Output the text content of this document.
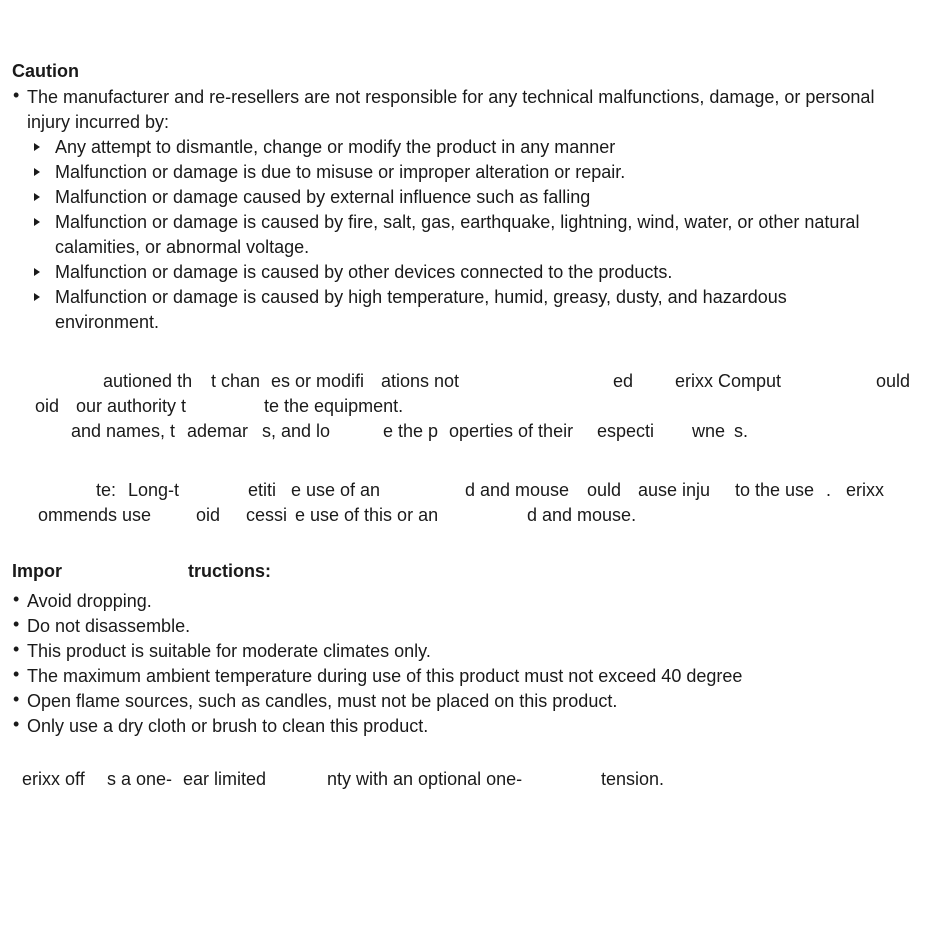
Caution
• The manufacturer and re-resellers are not responsible for any technical malfunctions, damage, or personal
injury incurred by:
Any attempt to dismantle, change or modify the product in any manner
Malfunction or damage is due to misuse or improper alteration or repair.
Malfunction or damage caused by external influence such as falling
Malfunction or damage is caused by fire, salt, gas, earthquake, lightning, wind, water, or other natural
calamities, or abnormal voltage.
Malfunction or damage is caused by other devices connected to the products.
Malfunction or damage is caused by high temperature, humid, greasy, dusty, and hazardous
environment.
autioned th t chan es or modifi ations not	ed erixx Comput	ould
oid our authority t	te the equipment.
and names, t ademar s, and lo	e the p operties of their especti wne s.
te: Long-t	etiti e use of an	d and mouse ould ause inju to the use . erixx
ommends use oid cessi e use of this or an	d and mouse.
Impor	tructions:
• Avoid dropping.
• Do not disassemble.
• This product is suitable for moderate climates only.
• The maximum ambient temperature during use of this product must not exceed 40 degree
• Open flame sources, such as candles, must not be placed on this product.
• Only use a dry cloth or brush to clean this product.
erixx off s a one- ear limited	nty with an optional one-	tension.
